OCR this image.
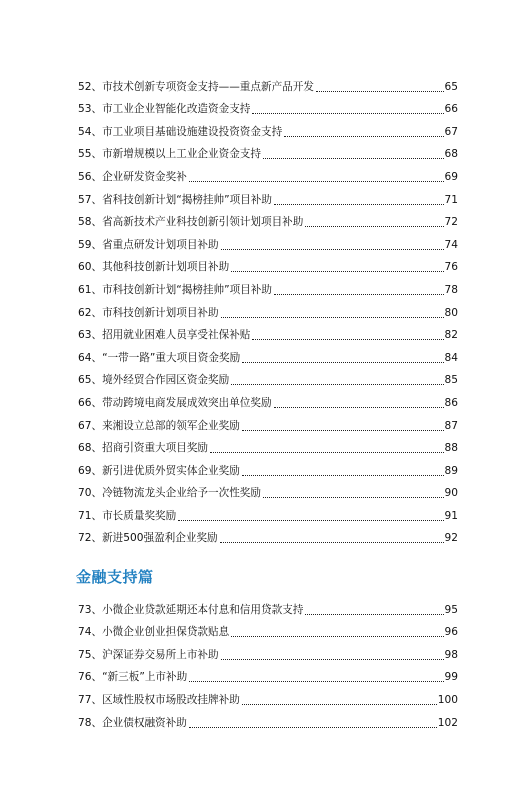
52、市技术创新专项资金支持——重点新产品开发	65
53、市工业企业智能化改造资金支持	66
54、市工业项目基础设施建设投资资金支持	67
55、市新增规模以上工业企业资金支持	68
56、企业研发资金奖补	69
57、省科技创新计划“揭榜挂帅”项目补助	71
58、省高新技术产业科技创新引领计划项目补助	72
59、省重点研发计划项目补助	74
60、其他科技创新计划项目补助	76
61、市科技创新计划“揭榜挂帅”项目补助	78
62、市科技创新计划项目补助	80
63、招用就业困难人员享受社保补贴	82
64、“一带一路”重大项目资金奖励	84
65、境外经贸合作园区资金奖励	85
66、带动跨境电商发展成效突出单位奖励	86
67、来湘设立总部的领军企业奖励	87
68、招商引资重大项目奖励	88
69、新引进优质外贸实体企业奖励	89
70、冷链物流龙头企业给予一次性奖励	90
71、市长质量奖奖励	91
72、新进500强盈利企业奖励	92
金融支持篇
73、小微企业贷款延期还本付息和信用贷款支持	95
74、小微企业创业担保贷款贴息	96
75、沪深证券交易所上市补助	98
76、“新三板”上市补助	99
77、区域性股权市场股改挂牌补助	100
78、企业债权融资补助	102
